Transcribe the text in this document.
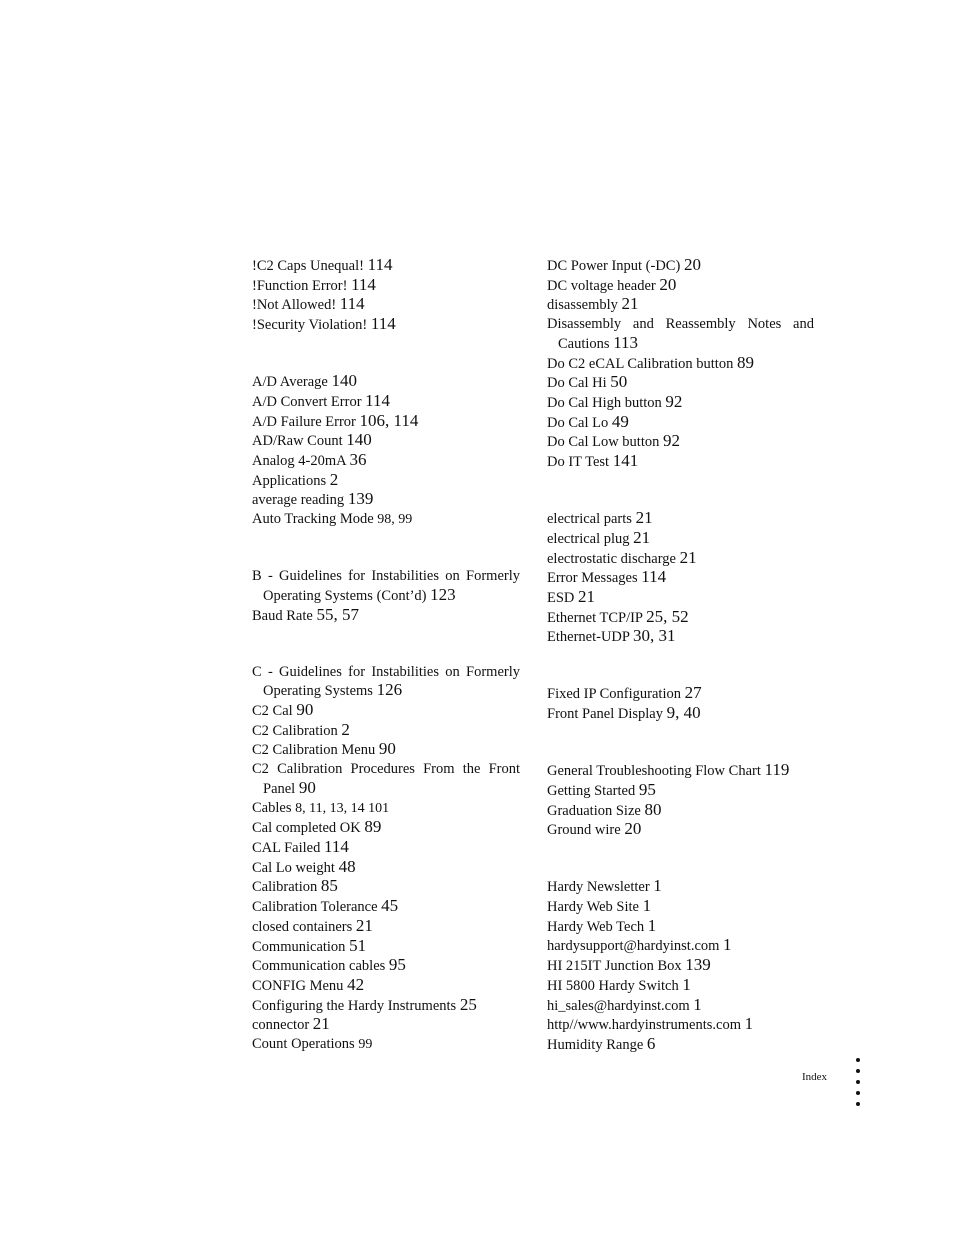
!C2 Caps Unequal! 114
!Function Error! 114
!Not Allowed! 114
!Security Violation! 114
A/D Average 140
A/D Convert Error 114
A/D Failure Error 106, 114
AD/Raw Count 140
Analog 4-20mA 36
Applications 2
average reading 139
Auto Tracking Mode 98, 99
B - Guidelines for Instabilities on Formerly Operating Systems (Cont’d) 123
Baud Rate 55, 57
C - Guidelines for Instabilities on Formerly Operating Systems 126
C2 Cal 90
C2 Calibration 2
C2 Calibration Menu 90
C2 Calibration Procedures From the Front Panel 90
Cables 8, 11, 13, 14 101
Cal completed OK 89
CAL Failed 114
Cal Lo weight 48
Calibration 85
Calibration Tolerance 45
closed containers 21
Communication 51
Communication cables 95
CONFIG Menu 42
Configuring the Hardy Instruments 25
connector 21
Count Operations 99
DC Power Input (-DC) 20
DC voltage header 20
disassembly 21
Disassembly and Reassembly Notes and Cautions 113
Do C2 eCAL Calibration button 89
Do Cal Hi 50
Do Cal High button 92
Do Cal Lo 49
Do Cal Low button 92
Do IT Test 141
electrical parts 21
electrical plug 21
electrostatic discharge 21
Error Messages 114
ESD 21
Ethernet TCP/IP 25, 52
Ethernet-UDP 30, 31
Fixed IP Configuration 27
Front Panel Display 9, 40
General Troubleshooting Flow Chart 119
Getting Started 95
Graduation Size 80
Ground wire 20
Hardy Newsletter 1
Hardy Web Site 1
Hardy Web Tech 1
hardysupport@hardyinst.com 1
HI 215IT Junction Box 139
HI 5800 Hardy Switch 1
hi_sales@hardyinst.com 1
http//www.hardyinstruments.com 1
Humidity Range 6
Index
